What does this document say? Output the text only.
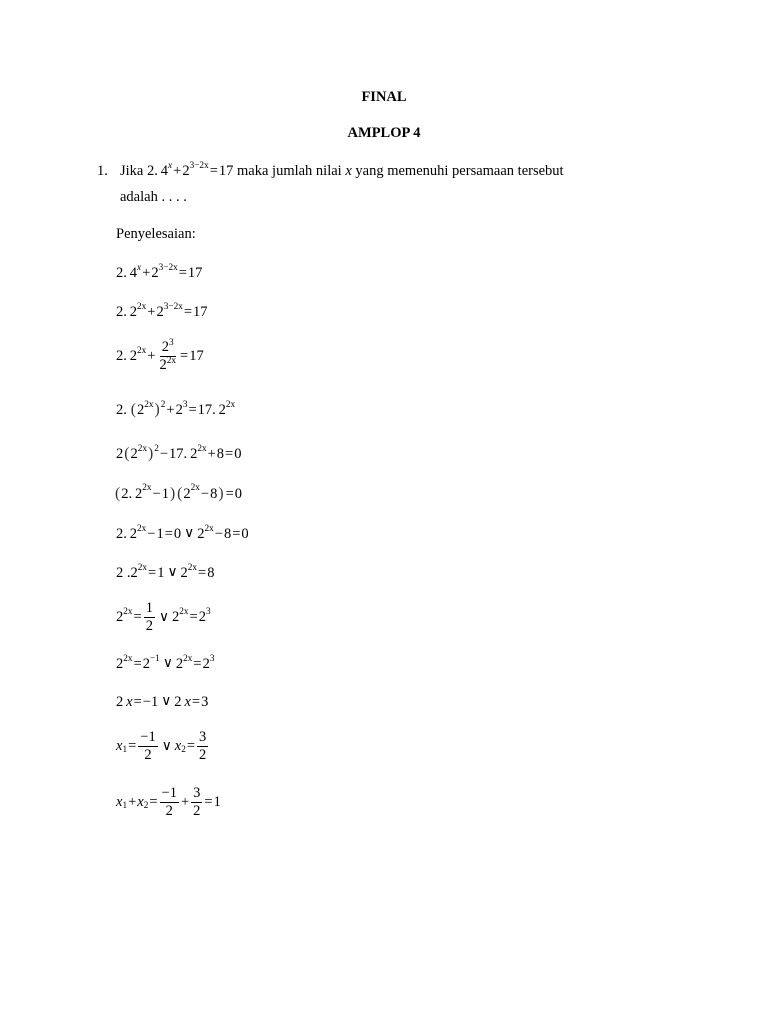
FINAL
AMPLOP 4
1. Jika 2.
  4 $^x + 2^{3-2x} = 17$ maka jumlah nilai x yang memenuhi persamaan tersebut
adalah . . . .
Penyelesaian:
2.
  4 $^x + 2^{3-2x} = 17$
2.
  $2^{2x} + 2^{3-2x} = 17$
2.
  $2^{2x} + \frac{2^3}{2^{2x}} = 17$
2.
  ( $2^{2x}$ )$^2 + 2^3 = 17$.
  $2^{2x}$
2 ( $2^{2x}$ )$^2$ − 17.
  $2^{2x} + 8 = 0$
( 2.
  $2^{2x} - 1$ ) ( $2^{2x} - 8$ ) = 0
2.
  $2^{2x} - 1 = 0$ ∨ $2^{2x} - 8 = 0$
2 . $2^{2x} = 1$ ∨ $2^{2x} = 8$
$2^{2x} = \frac{1}{2}$ ∨ $2^{2x} = 2^3$
$2^{2x} = 2^{-1}$ ∨ $2^{2x} = 2^3$
2
  x = −1 ∨ 2
  x = 3
$x_1 = \frac{-1}{2}$ ∨ $x_2 = \frac{3}{2}$
$x_1 + x_2 = \frac{-1}{2} + \frac{3}{2} = 1$
